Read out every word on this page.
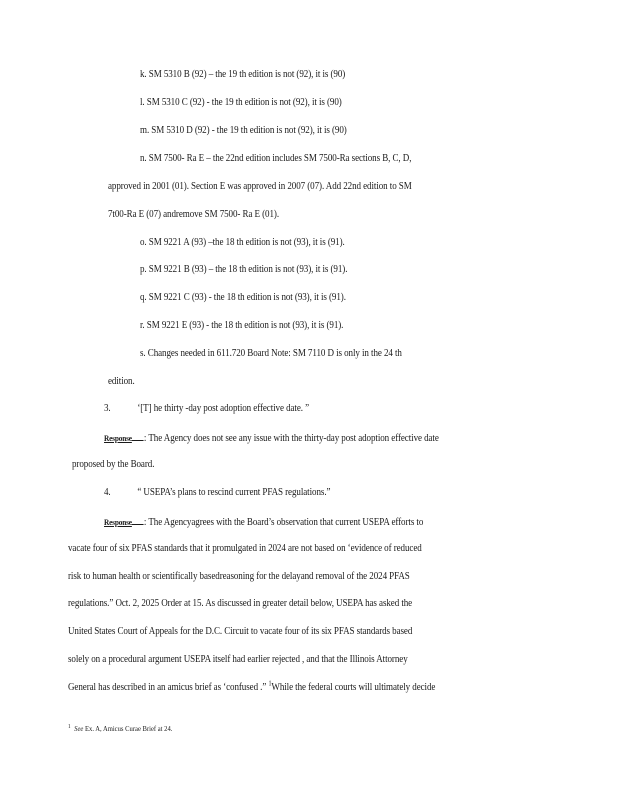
k. SM 5310 B (92) – the 19 th edition is not (92), it is (90)
l. SM 5310 C (92) - the 19 th edition is not (92), it is (90)
m. SM 5310 D (92) - the 19 th edition is not (92), it is (90)
n. SM 7500- Ra E – the 22nd edition includes SM 7500-Ra sections B, C, D,
approved in 2001 (01). Section E was approved in 2007 (07). Add 22nd edition to SM
7t00-Ra E (07) andremove SM 7500- Ra E (01).
o. SM 9221 A (93) –the 18 th edition is not (93), it is (91).
p. SM 9221 B (93) – the 18 th edition is not (93), it is (91).
q. SM 9221 C (93) - the 18 th edition is not (93), it is (91).
r. SM 9221 E (93) - the 18 th edition is not (93), it is (91).
s. Changes needed in 611.720 Board Note: SM 7110 D is only in the 24 th
edition.
3.	‘[T] he thirty -day post adoption effective date. ”
Response : The Agency does not see any issue with the thirty-day post adoption effective date
proposed by the Board.
4.	“ USEPA’s plans to rescind current PFAS regulations.”
Response : The Agencyagrees with the Board’s observation that current USEPA efforts to
vacate four of six PFAS standards that it promulgated in 2024 are not based on ‘evidence of reduced
risk to human health or scientifically basedreasoning for the delayand removal of the 2024 PFAS
regulations.” Oct. 2, 2025 Order at 15. As discussed in greater detail below, USEPA has asked the
United States Court of Appeals for the D.C. Circuit to vacate four of its six PFAS standards based
solely on a procedural argument USEPA itself had earlier rejected , and that the Illinois Attorney
General has described in an amicus brief as ‘confused .” $^1$While the federal courts will ultimately decide
$^1$ See Ex. A, Amicus Curae Brief at 24.
